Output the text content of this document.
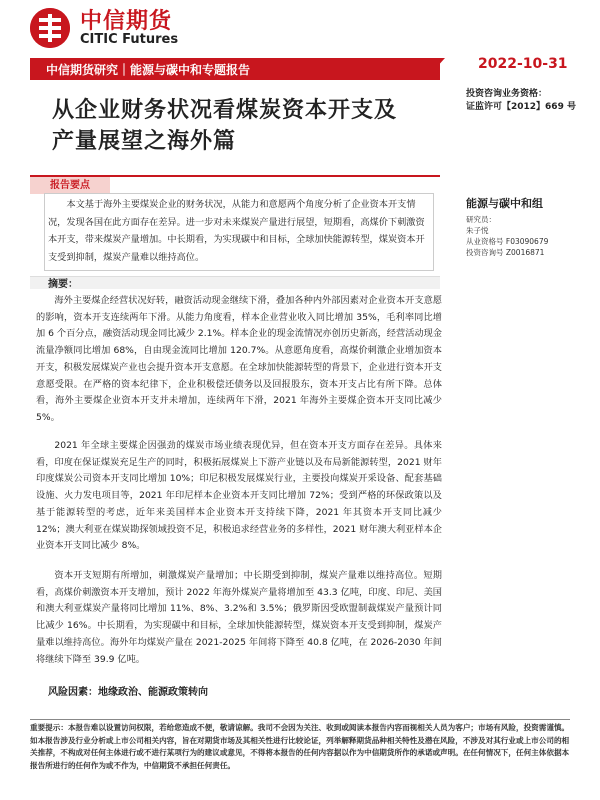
中信期货
CITIC Futures
中信期货研究｜能源与碳中和专题报告	2022-10-31
投资咨询业务资格：
证监许可【2012】669 号
从企业财务状况看煤炭资本开支及
产量展望之海外篇
报告要点
本文基于海外主要煤炭企业的财务状况，从能力和意愿两个角度分析了企业资本开支情况，发现各国在此方面存在差异。进一步对未来煤炭产量进行展望，短期看，高煤价下刺激资本开支，带来煤炭产量增加。中长期看，为实现碳中和目标，全球加快能源转型，煤炭资本开支受到抑制，煤炭产量难以维持高位。
摘要：
海外主要煤企经营状况好转，融资活动现金继续下滑，叠加各种内外部因素对企业资本开支意愿的影响，资本开支连续两年下滑。从能力角度看，样本企业营业收入同比增加 35%，毛利率同比增加 6 个百分点，融资活动现金同比减少 2.1%。样本企业的现金流情况亦创历史新高，经营活动现金流量净额同比增加 68%，自由现金流同比增加 120.7%。从意愿角度看，高煤价刺激企业增加资本开支，积极发展煤炭产业也会提升资本开支意愿。在全球加快能源转型的背景下，企业进行资本开支意愿受限。在严格的资本纪律下，企业积极偿还债务以及回报股东，资本开支占比有所下降。总体看，海外主要煤企业资本开支并未增加，连续两年下滑，2021 年海外主要煤企资本开支同比减少 5%。
2021 年全球主要煤企因强劲的煤炭市场业绩表现优异，但在资本开支方面存在差异。具体来看，印度在保证煤炭充足生产的同时，积极拓展煤炭上下游产业链以及布局新能源转型，2021 财年印度煤炭公司资本开支同比增加 10%；印尼积极发展煤炭行业，主要投向煤炭开采设备、配套基础设施、火力发电项目等，2021 年印尼样本企业资本开支同比增加 72%；受到严格的环保政策以及基于能源转型的考虑，近年来美国样本企业资本开支持续下降，2021 年其资本开支同比减少 12%；澳大利亚在煤炭勘探领域投资不足，积极追求经营业务的多样性，2021 财年澳大利亚样本企业资本开支同比减少 8%。
资本开支短期有所增加，刺激煤炭产量增加；中长期受到抑制，煤炭产量难以维持高位。短期看，高煤价刺激资本开支增加，预计 2022 年海外煤炭产量将增加至 43.3 亿吨，印度、印尼、美国和澳大利亚煤炭产量将同比增加 11%、8%、3.2%和 3.5%；俄罗斯因受欧盟制裁煤炭产量预计同比减少 16%。中长期看，为实现碳中和目标，全球加快能源转型，煤炭资本开支受到抑制，煤炭产量难以维持高位。海外年均煤炭产量在 2021-2025 年间将下降至 40.8 亿吨，在 2026-2030 年间将继续下降至 39.9 亿吨。
风险因素：地缘政治、能源政策转向
能源与碳中和组
研究员：
朱子悦
从业资格号 F03090679
投资咨询号 Z0016871
重要提示：本报告难以设置访问权限，若给您造成不便，敬请谅解。我司不会因为关注、收到或阅读本报告内容而视相关人员为客户；市场有风险，投资需谨慎。如本报告涉及行业分析或上市公司相关内容，旨在对期货市场及其相关性进行比较论证，列举解释期货品种相关特性及潜在风险，不涉及对其行业或上市公司的相关推荐，不构成对任何主体进行或不进行某项行为的建议或意见，不得将本报告的任何内容据以作为中信期货所作的承诺或声明。在任何情况下，任何主体依据本报告所进行的任何作为或不作为，中信期货不承担任何责任。
